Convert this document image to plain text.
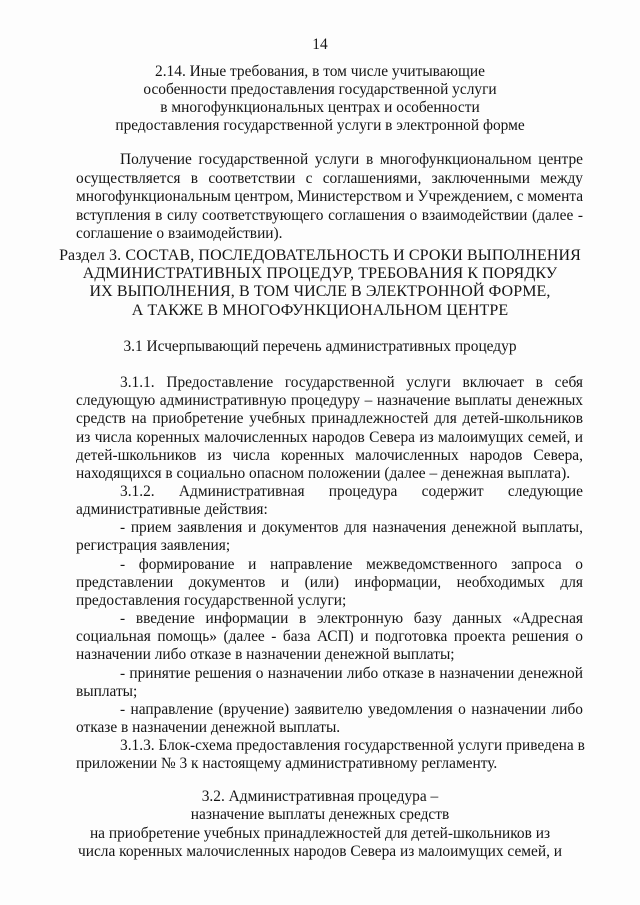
14
2.14. Иные требования, в том числе учитывающие
особенности предоставления государственной услуги
в многофункциональных центрах и особенности
предоставления государственной услуги в электронной форме
Получение государственной услуги в многофункциональном центре
осуществляется в соответствии с соглашениями, заключенными между
многофункциональным центром, Министерством и Учреждением, с момента
вступления в силу соответствующего соглашения о взаимодействии (далее -
соглашение о взаимодействии).
Раздел 3. СОСТАВ, ПОСЛЕДОВАТЕЛЬНОСТЬ И СРОКИ ВЫПОЛНЕНИЯ
АДМИНИСТРАТИВНЫХ ПРОЦЕДУР, ТРЕБОВАНИЯ К ПОРЯДКУ
ИХ ВЫПОЛНЕНИЯ, В ТОМ ЧИСЛЕ В ЭЛЕКТРОННОЙ ФОРМЕ,
А ТАКЖЕ В МНОГОФУНКЦИОНАЛЬНОМ ЦЕНТРЕ
3.1 Исчерпывающий перечень административных процедур
3.1.1. Предоставление государственной услуги включает в себя
следующую административную процедуру – назначение выплаты денежных
средств на приобретение учебных принадлежностей для детей-школьников
из числа коренных малочисленных народов Севера из малоимущих семей, и
детей-школьников из числа коренных малочисленных народов Севера,
находящихся в социально опасном положении (далее – денежная выплата).
3.1.2. Административная процедура содержит следующие
административные действия:
- прием заявления и документов для назначения денежной выплаты,
регистрация заявления;
- формирование и направление межведомственного запроса о
представлении документов и (или) информации, необходимых для
предоставления государственной услуги;
- введение информации в электронную базу данных «Адресная
социальная помощь» (далее - база АСП) и подготовка проекта решения о
назначении либо отказе в назначении денежной выплаты;
- принятие решения о назначении либо отказе в назначении денежной
выплаты;
- направление (вручение) заявителю уведомления о назначении либо
отказе в назначении денежной выплаты.
3.1.3. Блок-схема предоставления государственной услуги приведена в
приложении № 3 к настоящему административному регламенту.
3.2. Административная процедура –
назначение выплаты денежных средств
на приобретение учебных принадлежностей для детей-школьников из
числа коренных малочисленных народов Севера из малоимущих семей, и
